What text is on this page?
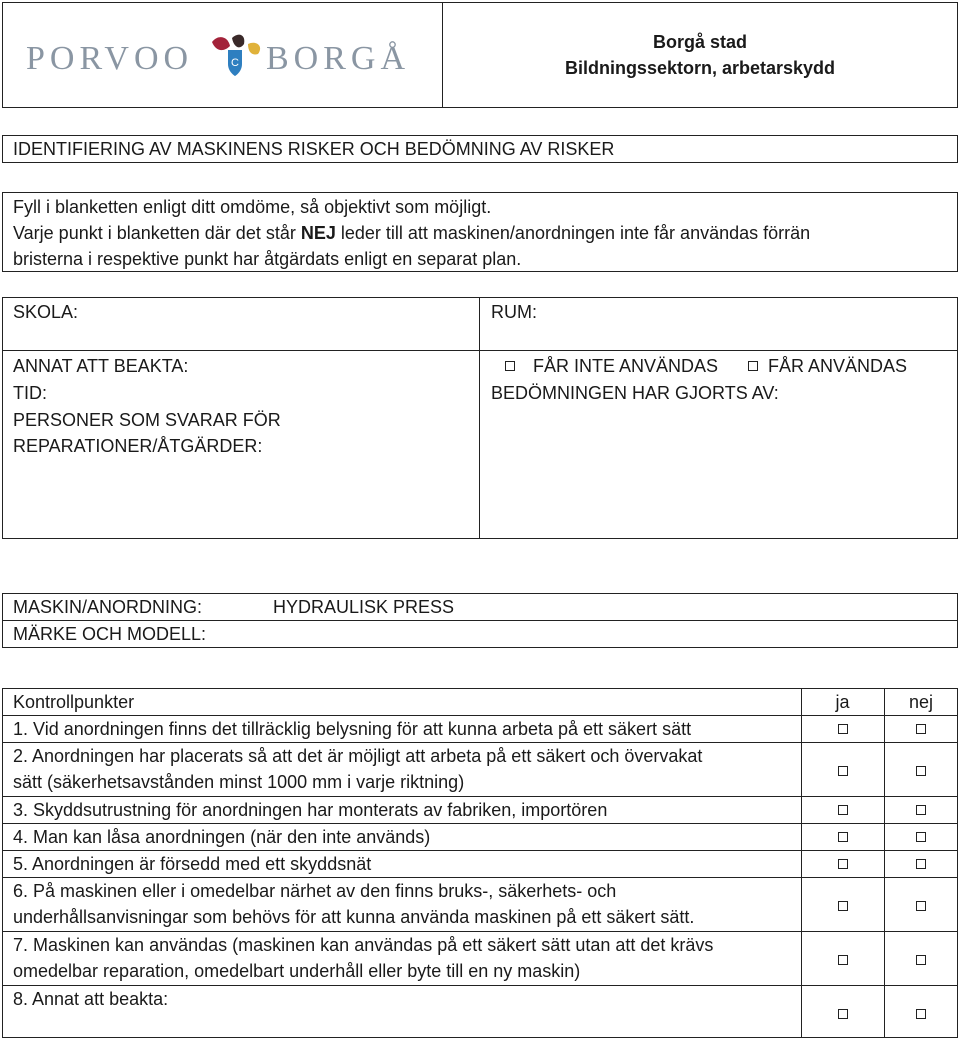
PORVOO	C BORGÅ	Borgå stad
Bildningssektorn, arbetarskydd
IDENTIFIERING AV MASKINENS RISKER OCH BEDÖMNING AV RISKER
Fyll i blanketten enligt ditt omdöme, så objektivt som möjligt.
Varje punkt i blanketten där det står NEJ leder till att maskinen/anordningen inte får användas förrän
bristerna i respektive punkt har åtgärdats enligt en separat plan.
SKOLA:	RUM:
ANNAT ATT BEAKTA:
TID:
PERSONER SOM SVARAR FÖR
REPARATIONER/ÅTGÄRDER:
FÅR INTE ANVÄNDAS	FÅR ANVÄNDAS
BEDÖMNINGEN HAR GJORTS AV:
MASKIN/ANORDNING:	HYDRAULISK PRESS
MÄRKE OCH MODELL:
Kontrollpunkter	ja	nej
1. Vid anordningen finns det tillräcklig belysning för att kunna arbeta på ett säkert sätt
2. Anordningen har placerats så att det är möjligt att arbeta på ett säkert och övervakat
sätt (säkerhetsavstånden minst 1000 mm i varje riktning)
3. Skyddsutrustning för anordningen har monterats av fabriken, importören
4. Man kan låsa anordningen (när den inte används)
5. Anordningen är försedd med ett skyddsnät
6. På maskinen eller i omedelbar närhet av den finns bruks-, säkerhets- och
underhållsanvisningar som behövs för att kunna använda maskinen på ett säkert sätt.
7. Maskinen kan användas (maskinen kan användas på ett säkert sätt utan att det krävs
omedelbar reparation, omedelbart underhåll eller byte till en ny maskin)
8. Annat att beakta:
